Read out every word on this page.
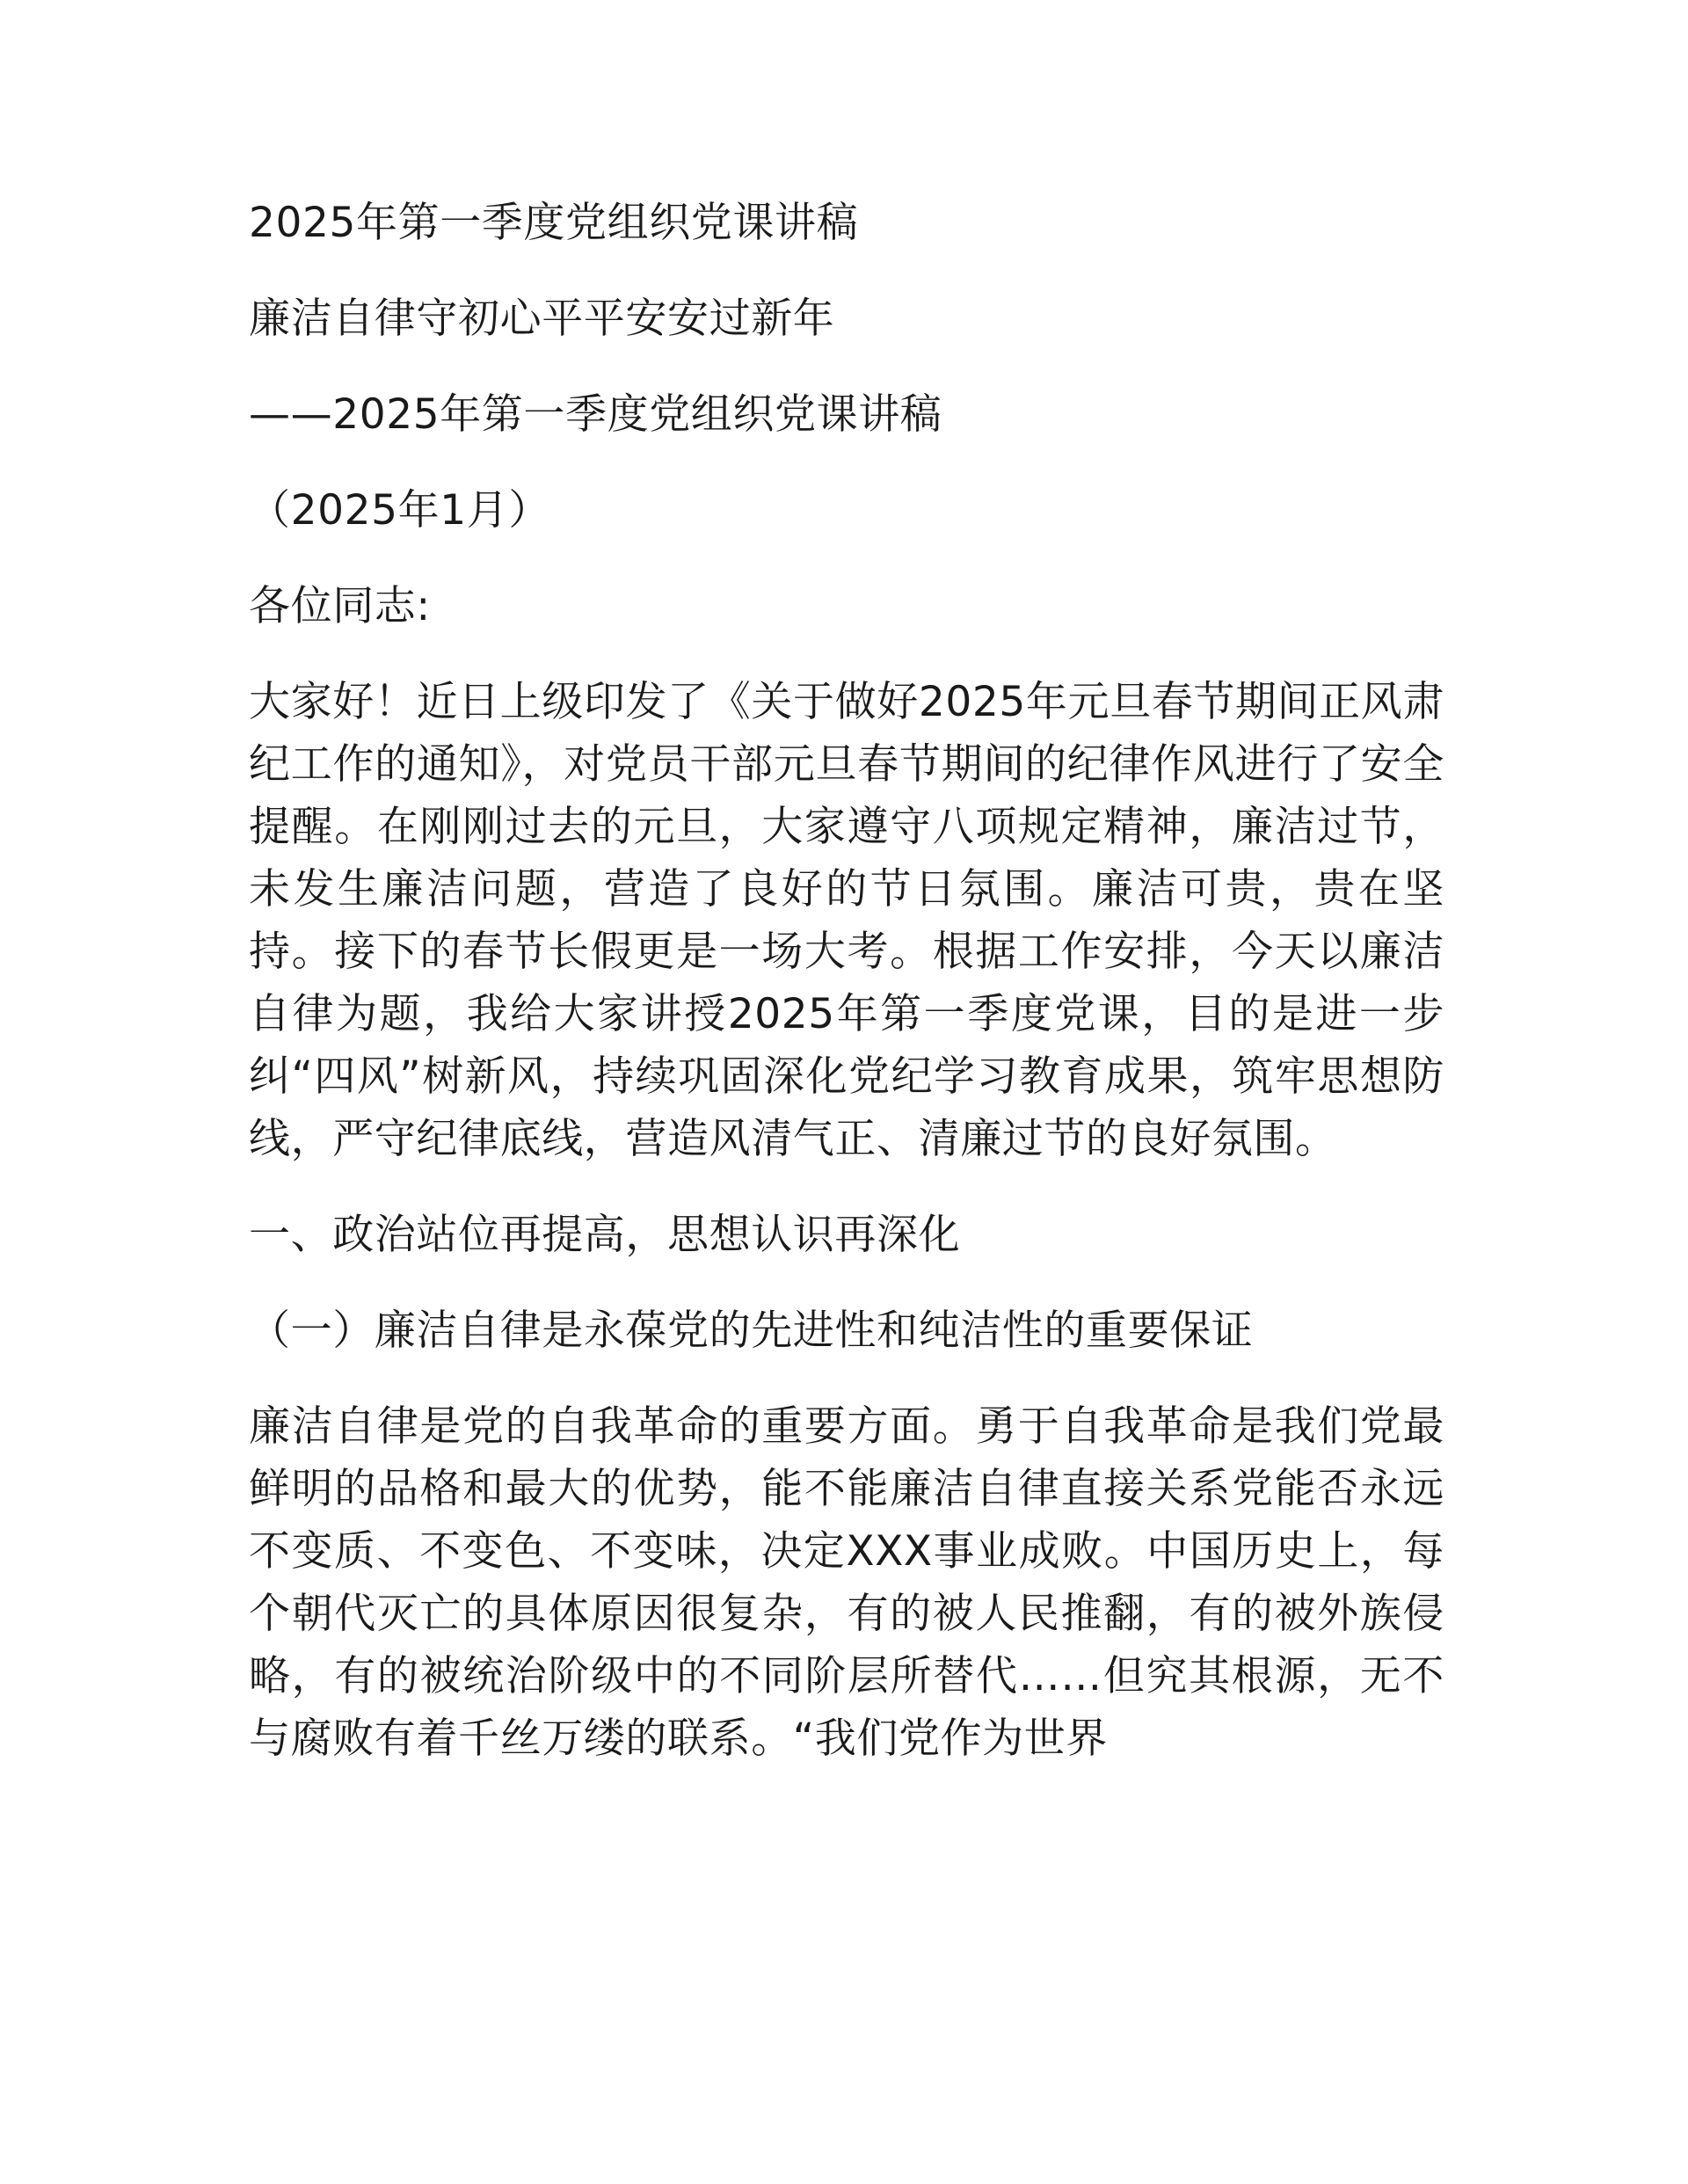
2025年第一季度党组织党课讲稿

廉洁自律守初心平平安安过新年

——2025年第一季度党组织党课讲稿

（2025年1月）

各位同志:

大家好！近日上级印发了《关于做好2025年元旦春节期间正风肃纪工作的通知》，对党员干部元旦春节期间的纪律作风进行了安全提醒。在刚刚过去的元旦，大家遵守八项规定精神，廉洁过节，未发生廉洁问题，营造了良好的节日氛围。廉洁可贵，贵在坚持。接下的春节长假更是一场大考。根据工作安排，今天以廉洁自律为题，我给大家讲授2025年第一季度党课，目的是进一步纠“四风”树新风，持续巩固深化党纪学习教育成果，筑牢思想防线，严守纪律底线，营造风清气正、清廉过节的良好氛围。

一、政治站位再提高，思想认识再深化

（一）廉洁自律是永葆党的先进性和纯洁性的重要保证

廉洁自律是党的自我革命的重要方面。勇于自我革命是我们党最鲜明的品格和最大的优势，能不能廉洁自律直接关系党能否永远不变质、不变色、不变味，决定XXX事业成败。中国历史上，每个朝代灭亡的具体原因很复杂，有的被人民推翻，有的被外族侵略，有的被统治阶级中的不同阶层所替代……但究其根源，无不与腐败有着千丝万缕的联系。“我们党作为世界
